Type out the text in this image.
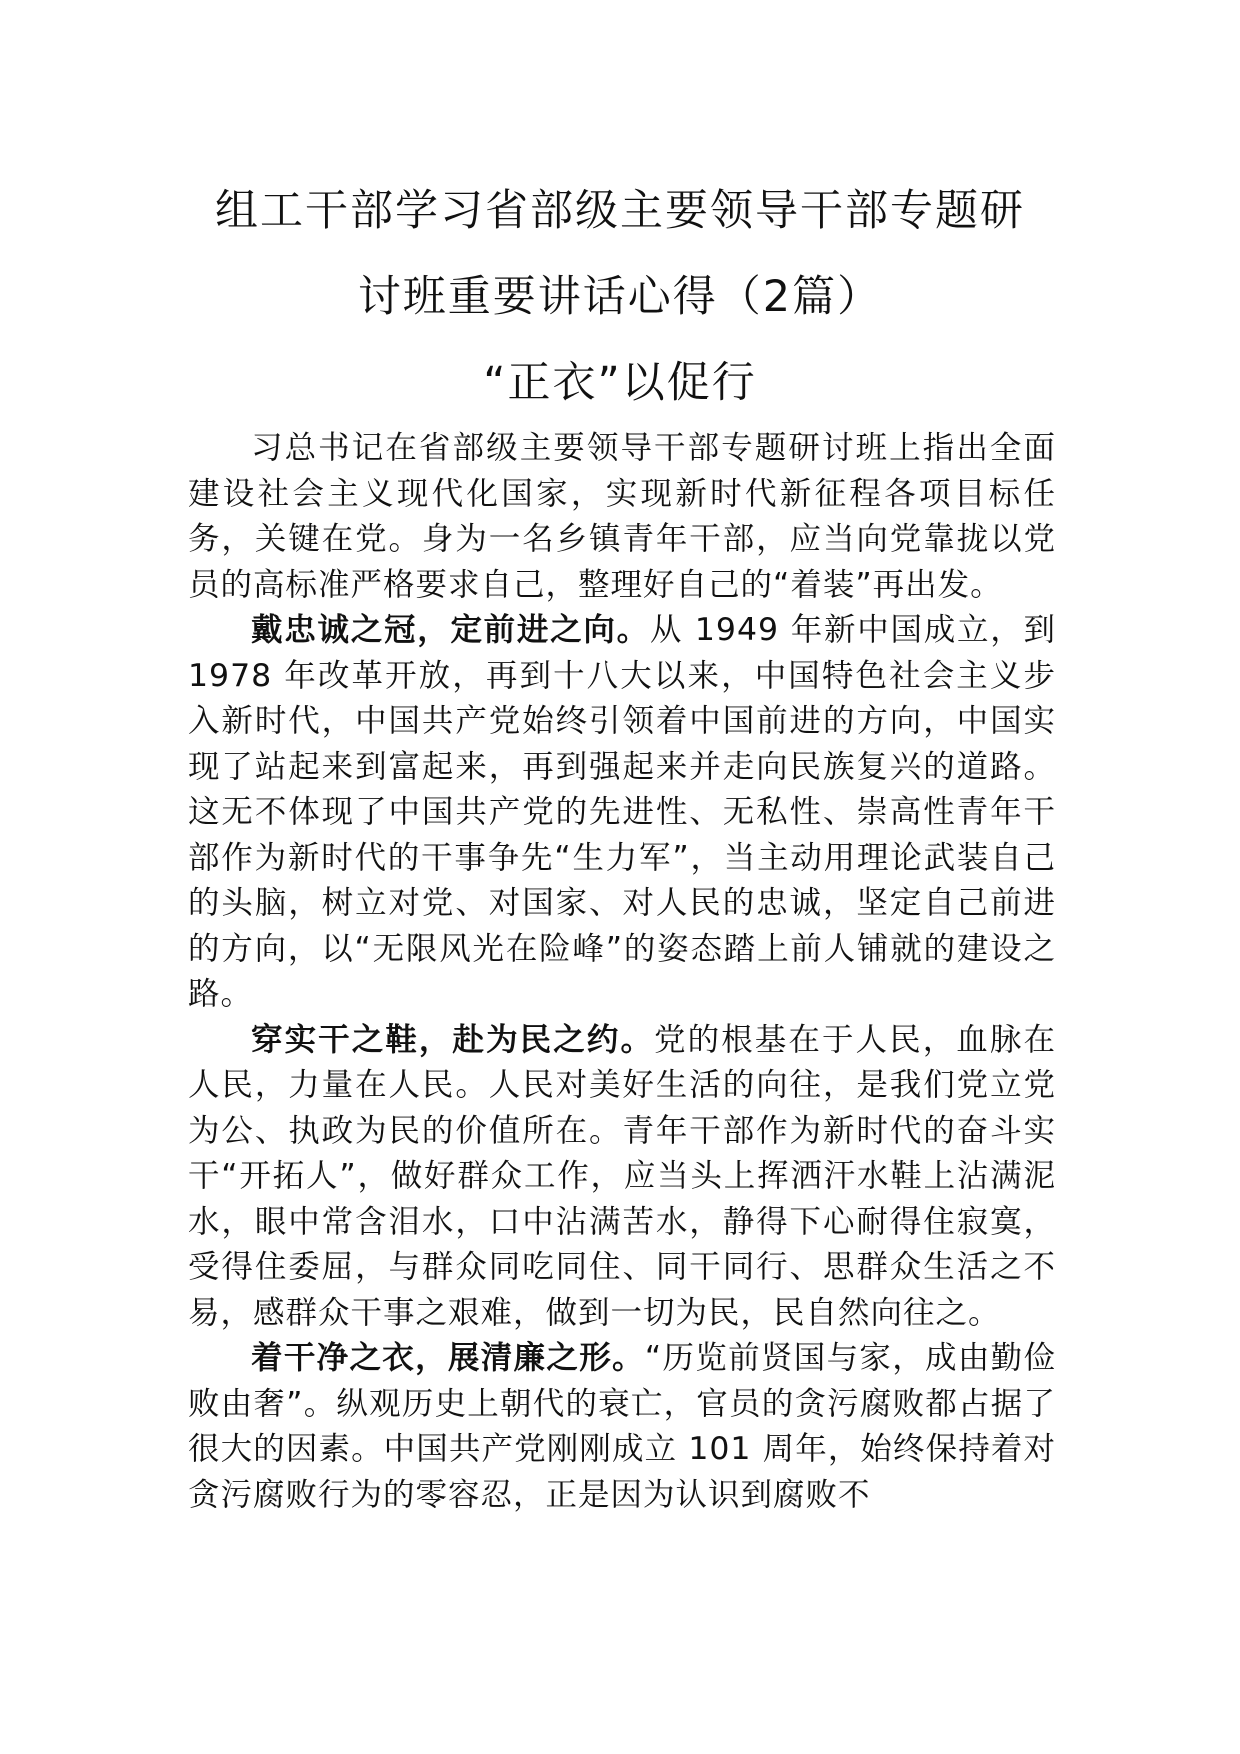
组工干部学习省部级主要领导干部专题研
讨班重要讲话心得（2篇）
“正衣”以促行

习总书记在省部级主要领导干部专题研讨班上指出全面建设社会主义现代化国家，实现新时代新征程各项目标任务，关键在党。身为一名乡镇青年干部，应当向党靠拢以党员的高标准严格要求自己，整理好自己的“着装”再出发。

戴忠诚之冠，定前进之向。从 1949 年新中国成立，到 1978 年改革开放，再到十八大以来，中国特色社会主义步入新时代，中国共产党始终引领着中国前进的方向，中国实现了站起来到富起来，再到强起来并走向民族复兴的道路。这无不体现了中国共产党的先进性、无私性、崇高性青年干部作为新时代的干事争先“生力军”，当主动用理论武装自己的头脑，树立对党、对国家、对人民的忠诚，坚定自己前进的方向，以“无限风光在险峰”的姿态踏上前人铺就的建设之路。

穿实干之鞋，赴为民之约。党的根基在于人民，血脉在人民，力量在人民。人民对美好生活的向往，是我们党立党为公、执政为民的价值所在。青年干部作为新时代的奋斗实干“开拓人”，做好群众工作，应当头上挥洒汗水鞋上沾满泥水，眼中常含泪水，口中沾满苦水，静得下心耐得住寂寞，受得住委屈，与群众同吃同住、同干同行、思群众生活之不易，感群众干事之艰难，做到一切为民，民自然向往之。

着干净之衣，展清廉之形。“历览前贤国与家，成由勤俭败由奢”。纵观历史上朝代的衰亡，官员的贪污腐败都占据了很大的因素。中国共产党刚刚成立 101 周年，始终保持着对贪污腐败行为的零容忍，正是因为认识到腐败不
